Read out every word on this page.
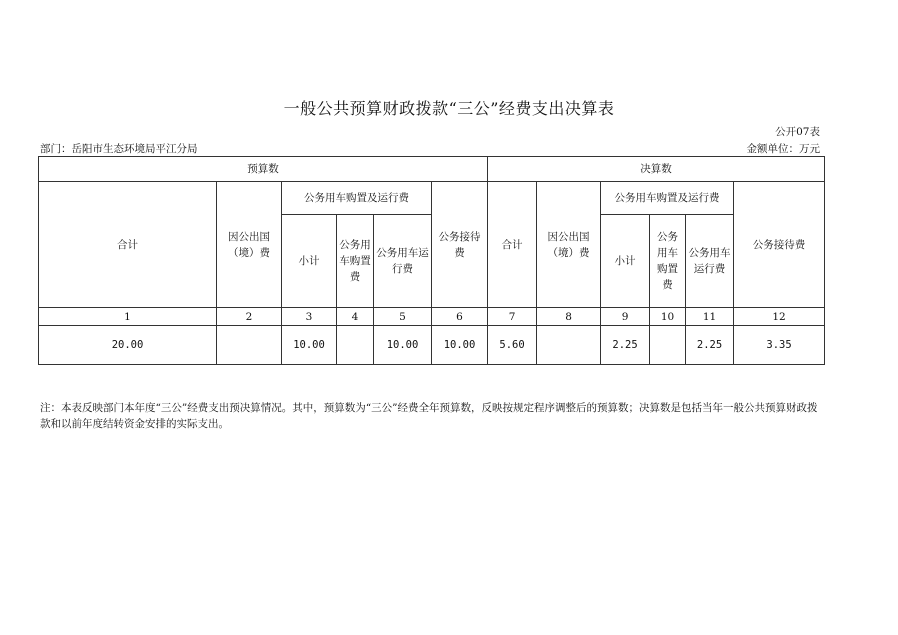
一般公共预算财政拨款“三公”经费支出决算表
公开07表
部门：岳阳市生态环境局平江分局	金额单位：万元
预算数						决算数					
合计	因公出国（境）费	公务用车购置及运行费			公务接待费	合计	因公出国（境）费	公务用车购置及运行费			公务接待费
		小计	公务用车购置费	公务用车运行费				小计	公务用车购置费	公务用车运行费	
1	2	3	4	5	6	7	8	9	10	11	12
20.00		10.00		10.00	10.00	5.60		2.25		2.25	3.35
注：本表反映部门本年度“三公”经费支出预决算情况。其中，预算数为“三公”经费全年预算数，反映按规定程序调整后的预算数；决算数是包括当年一般公共预算财政拨款和以前年度结转资金安排的实际支出。
